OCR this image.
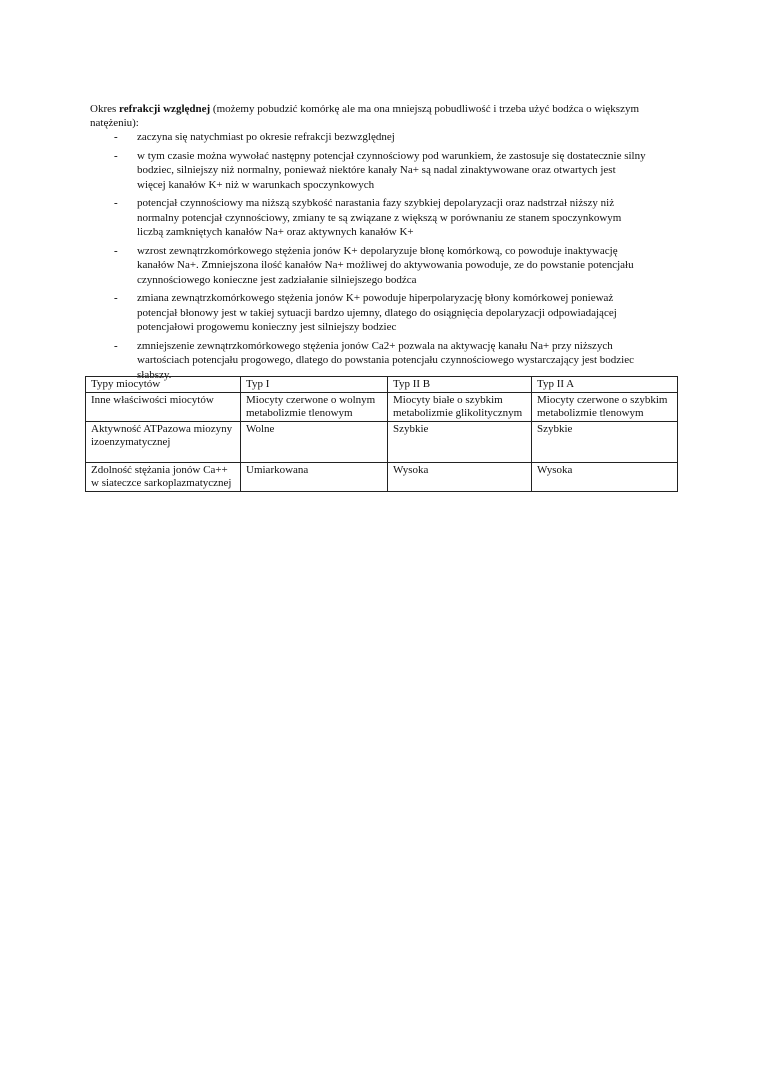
Okres refrakcji względnej (możemy pobudzić komórkę ale ma ona mniejszą pobudliwość i trzeba użyć bodźca o większym
natężeniu):
- zaczyna się natychmiast po okresie refrakcji bezwzględnej
- w tym czasie można wywołać następny potencjał czynnościowy pod warunkiem, że zastosuje się dostatecznie silny
bodziec, silniejszy niż normalny, ponieważ niektóre kanały Na+ są nadal zinaktywowane oraz otwartych jest
więcej kanałów K+ niż w warunkach spoczynkowych
- potencjał czynnościowy ma niższą szybkość narastania fazy szybkiej depolaryzacji oraz nadstrzał niższy niż
normalny potencjał czynnościowy, zmiany te są związane z większą w porównaniu ze stanem spoczynkowym
liczbą zamkniętych kanałów Na+ oraz aktywnych kanałów K+
- wzrost zewnątrzkomórkowego stężenia jonów K+ depolaryzuje błonę komórkową, co powoduje inaktywację
kanałów Na+. Zmniejszona ilość kanałów Na+ możliwej do aktywowania powoduje, ze do powstanie potencjału
czynnościowego konieczne jest zadziałanie silniejszego bodźca
- zmiana zewnątrzkomórkowego stężenia jonów K+ powoduje hiperpolaryzację błony komórkowej ponieważ
potencjał błonowy jest w takiej sytuacji bardzo ujemny, dlatego do osiągnięcia depolaryzacji odpowiadającej
potencjałowi progowemu konieczny jest silniejszy bodziec
- zmniejszenie zewnątrzkomórkowego stężenia jonów Ca2+ pozwala na aktywację kanału Na+ przy niższych
wartościach potencjału progowego, dlatego do powstania potencjału czynnościowego wystarczający jest bodziec
słabszy.
Typy miocytów	Typ I	Typ II B	Typ II A
Inne właściwości miocytów	Miocyty czerwone o wolnym metabolizmie tlenowym	Miocyty białe o szybkim metabolizmie glikolitycznym	Miocyty czerwone o szybkim metabolizmie tlenowym
Aktywność ATPazowa miozyny izoenzymatycznej	Wolne	Szybkie	Szybkie
Zdolność stężania jonów Ca++ w siateczce sarkoplazmatycznej	Umiarkowana	Wysoka	Wysoka
